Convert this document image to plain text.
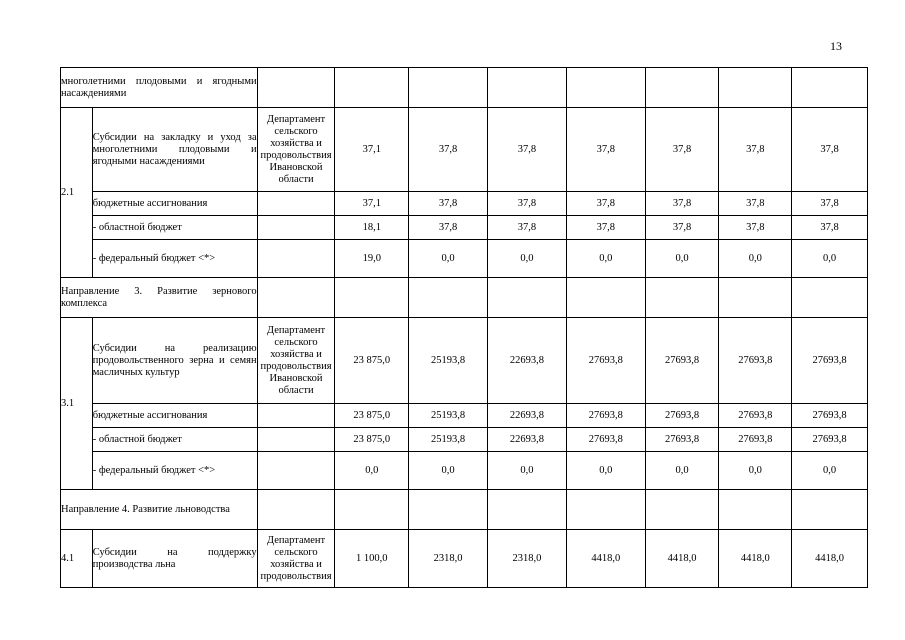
13
многолетними плодовыми и ягодными насаждениями									
2.1	Субсидии на закладку и уход за многолетними плодовыми и ягодными насаждениями	Департамент сельского хозяйства и продовольствия Ивановской области	37,1	37,8	37,8	37,8	37,8	37,8	37,8
	бюджетные ассигнования		37,1	37,8	37,8	37,8	37,8	37,8	37,8
	- областной бюджет		18,1	37,8	37,8	37,8	37,8	37,8	37,8
	- федеральный бюджет <*>		19,0	0,0	0,0	0,0	0,0	0,0	0,0
Направление 3. Развитие зернового комплекса									
3.1	Субсидии на реализацию продовольственного зерна и семян масличных культур	Департамент сельского хозяйства и продовольствия Ивановской области	23 875,0	25193,8	22693,8	27693,8	27693,8	27693,8	27693,8
	бюджетные ассигнования		23 875,0	25193,8	22693,8	27693,8	27693,8	27693,8	27693,8
	- областной бюджет		23 875,0	25193,8	22693,8	27693,8	27693,8	27693,8	27693,8
	- федеральный бюджет <*>		0,0	0,0	0,0	0,0	0,0	0,0	0,0
Направление 4. Развитие льноводства									
4.1	Субсидии на поддержку производства льна	Департамент сельского хозяйства и продовольствия	1 100,0	2318,0	2318,0	4418,0	4418,0	4418,0	4418,0
